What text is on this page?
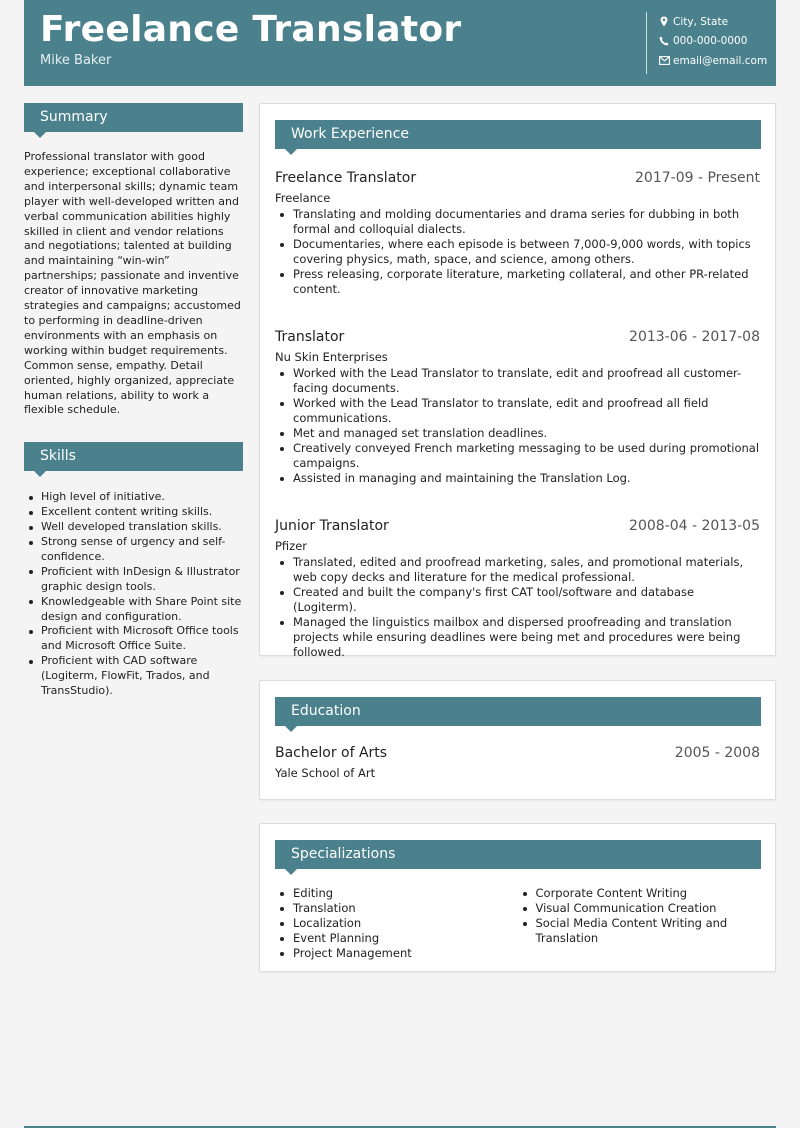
Freelance Translator
Mike Baker
City, State
000-000-0000
email@email.com
Summary

Professional translator with good experience; exceptional collaborative and interpersonal skills; dynamic team player with well-developed written and verbal communication abilities highly skilled in client and vendor relations and negotiations; talented at building and maintaining “win-win” partnerships; passionate and inventive creator of innovative marketing strategies and campaigns; accustomed to performing in deadline-driven environments with an emphasis on working within budget requirements. Common sense, empathy. Detail oriented, highly organized, appreciate human relations, ability to work a flexible schedule.

Skills
High level of initiative.
Excellent content writing skills.
Well developed translation skills.
Strong sense of urgency and self-confidence.
Proficient with InDesign & Illustrator graphic design tools.
Knowledgeable with Share Point site design and configuration.
Proficient with Microsoft Office tools and Microsoft Office Suite.
Proficient with CAD software (Logiterm, FlowFit, Trados, and TransStudio).
Work Experience
Freelance Translator	2017-09 - Present
Freelance
Translating and molding documentaries and drama series for dubbing in both formal and colloquial dialects.
Documentaries, where each episode is between 7,000-9,000 words, with topics covering physics, math, space, and science, among others.
Press releasing, corporate literature, marketing collateral, and other PR-related content.
Translator	2013-06 - 2017-08
Nu Skin Enterprises
Worked with the Lead Translator to translate, edit and proofread all customer-facing documents.
Worked with the Lead Translator to translate, edit and proofread all field communications.
Met and managed set translation deadlines.
Creatively conveyed French marketing messaging to be used during promotional campaigns.
Assisted in managing and maintaining the Translation Log.
Junior Translator	2008-04 - 2013-05
Pfizer
Translated, edited and proofread marketing, sales, and promotional materials, web copy decks and literature for the medical professional.
Created and built the company's first CAT tool/software and database (Logiterm).
Managed the linguistics mailbox and dispersed proofreading and translation projects while ensuring deadlines were being met and procedures were being followed.
Education
Bachelor of Arts	2005 - 2008
Yale School of Art
Specializations
Editing
Translation
Localization
Event Planning
Project Management
Corporate Content Writing
Visual Communication Creation
Social Media Content Writing and Translation
